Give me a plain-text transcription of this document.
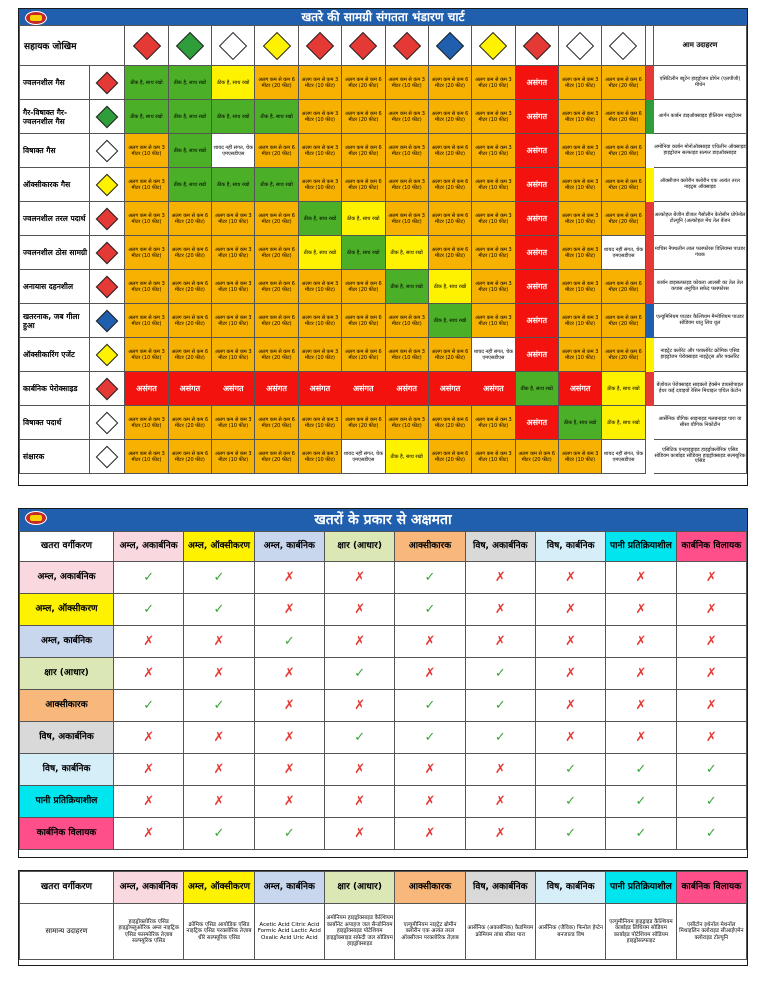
खतरे की सामग्री संगतता भंडारण चार्ट
सहायक जोखिम															आम उदाहरण
ज्वलनशील गैस		ठीक है, साथ रखो	ठीक है, साथ रखो	ठीक है, साथ रखो	अलग कम से कम 6 मीटर (20 फीट)	अलग कम से कम 3 मीटर (10 फीट)	अलग कम से कम 6 मीटर (20 फीट)	अलग कम से कम 3 मीटर (10 फीट)	अलग कम से कम 6 मीटर (20 फीट)	अलग कम से कम 3 मीटर (10 फीट)	असंगत	अलग कम से कम 3 मीटर (10 फीट)	अलग कम से कम 6 मीटर (20 फीट)		एसिटिलीन ब्यूटेन हाइड्रोजन प्रोपेन (एलपीजी) मीथेन
गैर-विषाक्त गैर-ज्वलनशील गैस		ठीक है, साथ रखो	ठीक है, साथ रखो	ठीक है, साथ रखो	ठीक है, साथ रखो	अलग कम से कम 3 मीटर (10 फीट)	अलग कम से कम 6 मीटर (20 फीट)	अलग कम से कम 3 मीटर (10 फीट)	अलग कम से कम 6 मीटर (20 फीट)	अलग कम से कम 3 मीटर (10 फीट)	असंगत	अलग कम से कम 3 मीटर (10 फीट)	अलग कम से कम 6 मीटर (20 फीट)		आर्गन कार्बन डाइऑक्साइड हीलियम नाइट्रोजन
विषाक्त गैस		अलग कम से कम 3 मीटर (10 फीट)	ठीक है, साथ रखो	शायद नहीं संगत, चेक एमएसडीएस	अलग कम से कम 6 मीटर (20 फीट)	अलग कम से कम 3 मीटर (10 फीट)	अलग कम से कम 6 मीटर (20 फीट)	अलग कम से कम 3 मीटर (10 फीट)	अलग कम से कम 6 मीटर (20 फीट)	अलग कम से कम 3 मीटर (10 फीट)	असंगत	अलग कम से कम 3 मीटर (10 फीट)	अलग कम से कम 6 मीटर (20 फीट)		अमोनिया कार्बन मोनोऑक्साइड एथिलीन ऑक्साइड हाइड्रोजन सल्फाइड सल्फर डाइऑक्साइड
ऑक्सीकारक गैस		अलग कम से कम 3 मीटर (10 फीट)	ठीक है, साथ रखो	ठीक है, साथ रखो	ठीक है, साथ रखो	अलग कम से कम 3 मीटर (10 फीट)	अलग कम से कम 6 मीटर (20 फीट)	अलग कम से कम 3 मीटर (10 फीट)	अलग कम से कम 6 मीटर (20 फीट)	अलग कम से कम 3 मीटर (10 फीट)	असंगत	अलग कम से कम 3 मीटर (10 फीट)	अलग कम से कम 6 मीटर (20 फीट)		ऑक्सीजन क्लोरीन फ्लोरीन एक अत्यंत तरल नाइट्रस ऑक्साइड
ज्वलनशील तरल पदार्थ		अलग कम से कम 3 मीटर (10 फीट)	अलग कम से कम 6 मीटर (20 फीट)	अलग कम से कम 3 मीटर (10 फीट)	अलग कम से कम 6 मीटर (20 फीट)	ठीक है, साथ रखो	ठीक है, साथ रखो	अलग कम से कम 3 मीटर (10 फीट)	अलग कम से कम 6 मीटर (20 फीट)	अलग कम से कम 3 मीटर (10 फीट)	असंगत	अलग कम से कम 3 मीटर (10 फीट)	अलग कम से कम 6 मीटर (20 फीट)		अल्कोहल बेंजीन डीजल गैसोलीन केरोसीन प्रोपेनोल टोल्यूनि (अल्कोहल मेंथ तेल बेंजन
ज्वलनशील ठोस सामग्री		अलग कम से कम 3 मीटर (10 फीट)	अलग कम से कम 6 मीटर (20 फीट)	अलग कम से कम 3 मीटर (10 फीट)	अलग कम से कम 6 मीटर (20 फीट)	ठीक है, साथ रखो	ठीक है, साथ रखो	ठीक है, साथ रखो	अलग कम से कम 6 मीटर (20 फीट)	अलग कम से कम 3 मीटर (10 फीट)	असंगत	अलग कम से कम 3 मीटर (10 फीट)	शायद नहीं संगत, चेक एमएसडीएस		माचिस नैफ्थलीन लाल फास्फोरस विलियम्स पाउडर गंधक
अनायास दहनशील		अलग कम से कम 3 मीटर (10 फीट)	अलग कम से कम 6 मीटर (20 फीट)	अलग कम से कम 3 मीटर (10 फीट)	अलग कम से कम 6 मीटर (20 फीट)	अलग कम से कम 3 मीटर (10 फीट)	अलग कम से कम 6 मीटर (20 फीट)	ठीक है, साथ रखो	ठीक है, साथ रखो	अलग कम से कम 3 मीटर (10 फीट)	असंगत	अलग कम से कम 3 मीटर (10 फीट)	अलग कम से कम 6 मीटर (20 फीट)		कार्बन डाइसल्फ़ाइड कोयला आलसी का तेल तेल कपास अनुचित सफ़ेद फास्फोरस
खतरनाक, जब गीला हुआ		अलग कम से कम 3 मीटर (10 फीट)	अलग कम से कम 6 मीटर (20 फीट)	अलग कम से कम 3 मीटर (10 फीट)	अलग कम से कम 6 मीटर (20 फीट)	अलग कम से कम 3 मीटर (10 फीट)	अलग कम से कम 6 मीटर (20 फीट)	अलग कम से कम 3 मीटर (10 फीट)	ठीक है, साथ रखो	अलग कम से कम 3 मीटर (10 फीट)	असंगत	अलग कम से कम 3 मीटर (10 फीट)	अलग कम से कम 6 मीटर (20 फीट)		एल्युमिनियम पाउडर कैल्शियम मैग्नीशियम पाउडर सोडियम धातु लिथ धूल
ऑक्सीकारिंग एजेंट		अलग कम से कम 3 मीटर (10 फीट)	अलग कम से कम 6 मीटर (20 फीट)	अलग कम से कम 3 मीटर (10 फीट)	अलग कम से कम 6 मीटर (20 फीट)	अलग कम से कम 3 मीटर (10 फीट)	अलग कम से कम 6 मीटर (20 फीट)	अलग कम से कम 3 मीटर (10 फीट)	अलग कम से कम 6 मीटर (20 फीट)	शायद नहीं संगत, चेक एमएसडीएस	असंगत	अलग कम से कम 3 मीटर (10 फीट)	अलग कम से कम 6 मीटर (20 फीट)		नाइट्रेट क्लोरेट और परक्लोरेट क्रोमिक एसिड हाइड्रोजन पेरोक्साइड नाइट्रेट्स और पर्क्लोरेट
कार्बनिक पेरोक्साइड		असंगत	असंगत	असंगत	असंगत	असंगत	असंगत	असंगत	असंगत	असंगत	ठीक है, साथ रखो	असंगत	ठीक है, साथ रखो		बेंज़ोयल पेरोक्साइड साइक्लो हेक्सेन डायसोपाइल ईथर कई दवाइयों रेसिन मिथाइल एथिल केटोन
विषाक्त पदार्थ		अलग कम से कम 3 मीटर (10 फीट)	अलग कम से कम 6 मीटर (20 फीट)	अलग कम से कम 3 मीटर (10 फीट)	अलग कम से कम 6 मीटर (20 फीट)	अलग कम से कम 3 मीटर (10 फीट)	अलग कम से कम 6 मीटर (20 फीट)	अलग कम से कम 3 मीटर (10 फीट)	अलग कम से कम 6 मीटर (20 फीट)	अलग कम से कम 3 मीटर (10 फीट)	असंगत	ठीक है, साथ रखो	ठीक है, साथ रखो		आर्सेनिक यौगिक साइनाइड मलबनाइड पारा या सीसा यौगिक निकोटीन
संक्षारक		अलग कम से कम 3 मीटर (10 फीट)	अलग कम से कम 6 मीटर (20 फीट)	अलग कम से कम 3 मीटर (10 फीट)	अलग कम से कम 6 मीटर (20 फीट)	अलग कम से कम 3 मीटर (10 फीट)	शायद नहीं संगत, चेक एमएसडीएस	ठीक है, साथ रखो	अलग कम से कम 6 मीटर (20 फीट)	अलग कम से कम 3 मीटर (10 फीट)	अलग कम से कम 6 मीटर (20 फीट)	अलग कम से कम 3 मीटर (10 फीट)	शायद नहीं संगत, चेक एमएसडीएस		एसिटिक एनहाइड्राइड हाइड्रोक्लोरिक एसिड सोडियम कार्बाइड सोडियम हाइड्रॉक्साइड सल्फ्यूरिक एसिड
खतरों के प्रकार से अक्षमता
खतरा वर्गीकरण	अम्ल, अकार्बनिक	अम्ल, ऑक्सीकरण	अम्ल, कार्बनिक	क्षार (आधार)	आक्सीकारक	विष, अकार्बनिक	विष, कार्बनिक	पानी प्रतिक्रियाशील	कार्बनिक विलायक
अम्ल, अकार्बनिक	✓	✓	✗	✗	✓	✗	✗	✗	✗
अम्ल, ऑक्सीकरण	✓	✓	✗	✗	✓	✗	✗	✗	✗
अम्ल, कार्बनिक	✗	✗	✓	✗	✗	✗	✗	✗	✗
क्षार (आधार)	✗	✗	✗	✓	✗	✓	✗	✗	✗
आक्सीकारक	✓	✓	✗	✗	✓	✓	✗	✗	✗
विष, अकार्बनिक	✗	✗	✗	✓	✓	✓	✗	✗	✗
विष, कार्बनिक	✗	✗	✗	✗	✗	✗	✓	✓	✓
पानी प्रतिक्रियाशील	✗	✗	✗	✗	✗	✗	✓	✓	✓
कार्बनिक विलायक	✗	✓	✓	✗	✗	✗	✓	✓	✓
खतरा वर्गीकरण	अम्ल, अकार्बनिक	अम्ल, ऑक्सीकरण	अम्ल, कार्बनिक	क्षार (आधार)	आक्सीकारक	विष, अकार्बनिक	विष, कार्बनिक	पानी प्रतिक्रियाशील	कार्बनिक विलायक
सामान्य उदाहरण	हाइड्रोक्लोरिक एसिड हाइड्रोफ्लुओरिक अम्ल नाइट्रिक एसिड फास्फोरिक तेज़ाब सल्फ्यूरिक एसिड	क्रोमिक एसिड आयोडिक एसिड नाइट्रिक एसिड परक्लोरिक तेज़ाब धीरे सल्फ्यूरिक एसिड	Acetic Acid Citric Acid Formic Acid Lactic Acid Oxalic Acid Uric Acid	अमोनियम हाइड्रॉक्साइड कैल्शियम कार्बोनेट अपाहज जल सैन्डोनियम हाइड्रॉक्साइड पोटेशियम हाइड्रॉक्साइड सफ़ेदी जल सोडियम हाइड्रॉक्साइड	एल्युमीनियम नाइट्रेट ब्रोमीन क्लोरीन एक अत्यंत तरल ऑक्सीजन परक्लोरिक तेज़ाब	आर्सेनिक (अकार्बनिक) कैडमियम क्रोमियम तांबा सीसा पारा	आर्सेनिक (जैविक) फिनोल हेप्टेन बनजाल्ड विष	एल्युमीनियम हाइड्राइड कैल्शियम कार्बाइड लिथियम सोडियम कार्बाइड पोटेशियम सोडियम हाइड्रोसल्फाइट	एसीटोन इथेनॉल मेथनॉल मिथाइलिन क्लोराइड सीआईएमेन क्लोराइड टोल्यूनि
